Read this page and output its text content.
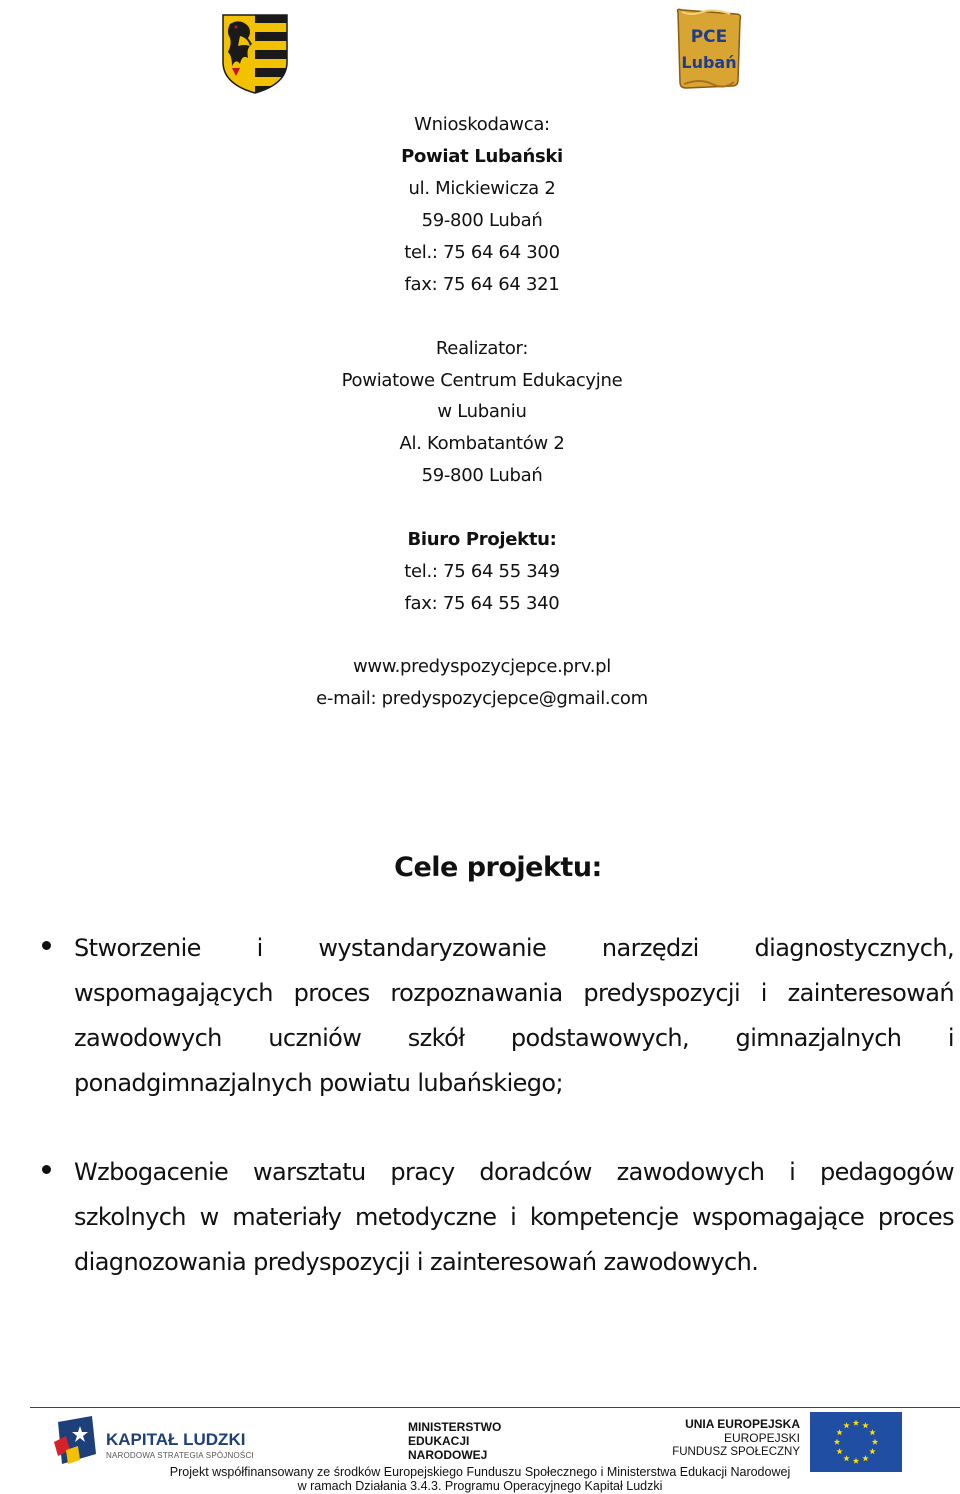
PCE
Lubań
Wnioskodawca:
Powiat Lubański
ul. Mickiewicza 2
59-800 Lubań
tel.: 75 64 64 300
fax: 75 64 64 321
Realizator:
Powiatowe Centrum Edukacyjne
w Lubaniu
Al. Kombatantów 2
59-800 Lubań
Biuro Projektu:
tel.: 75 64 55 349
fax: 75 64 55 340
www.predyspozycjepce.prv.pl
e-mail: predyspozycjepce@gmail.com
Cele projektu:

Stworzenie i wystandaryzowanie narzędzi diagnostycznych, wspomagających proces rozpoznawania predyspozycji i zainteresowań zawodowych uczniów szkół podstawowych, gimnazjalnych i ponadgimnazjalnych powiatu lubańskiego;

Wzbogacenie warsztatu pracy doradców zawodowych i pedagogów szkolnych w materiały metodyczne i kompetencje wspomagające proces diagnozowania predyspozycji i zainteresowań zawodowych.

KAPITAŁ LUDZKI
NARODOWA STRATEGIA SPÓJNOŚCI
MINISTERSTWO
EDUKACJI
NARODOWEJ
UNIA EUROPEJSKA
EUROPEJSKI
FUNDUSZ SPOŁECZNY
Projekt współfinansowany ze środków Europejskiego Funduszu Społecznego i Ministerstwa Edukacji Narodowej
w ramach Działania 3.4.3. Programu Operacyjnego Kapitał Ludzki
